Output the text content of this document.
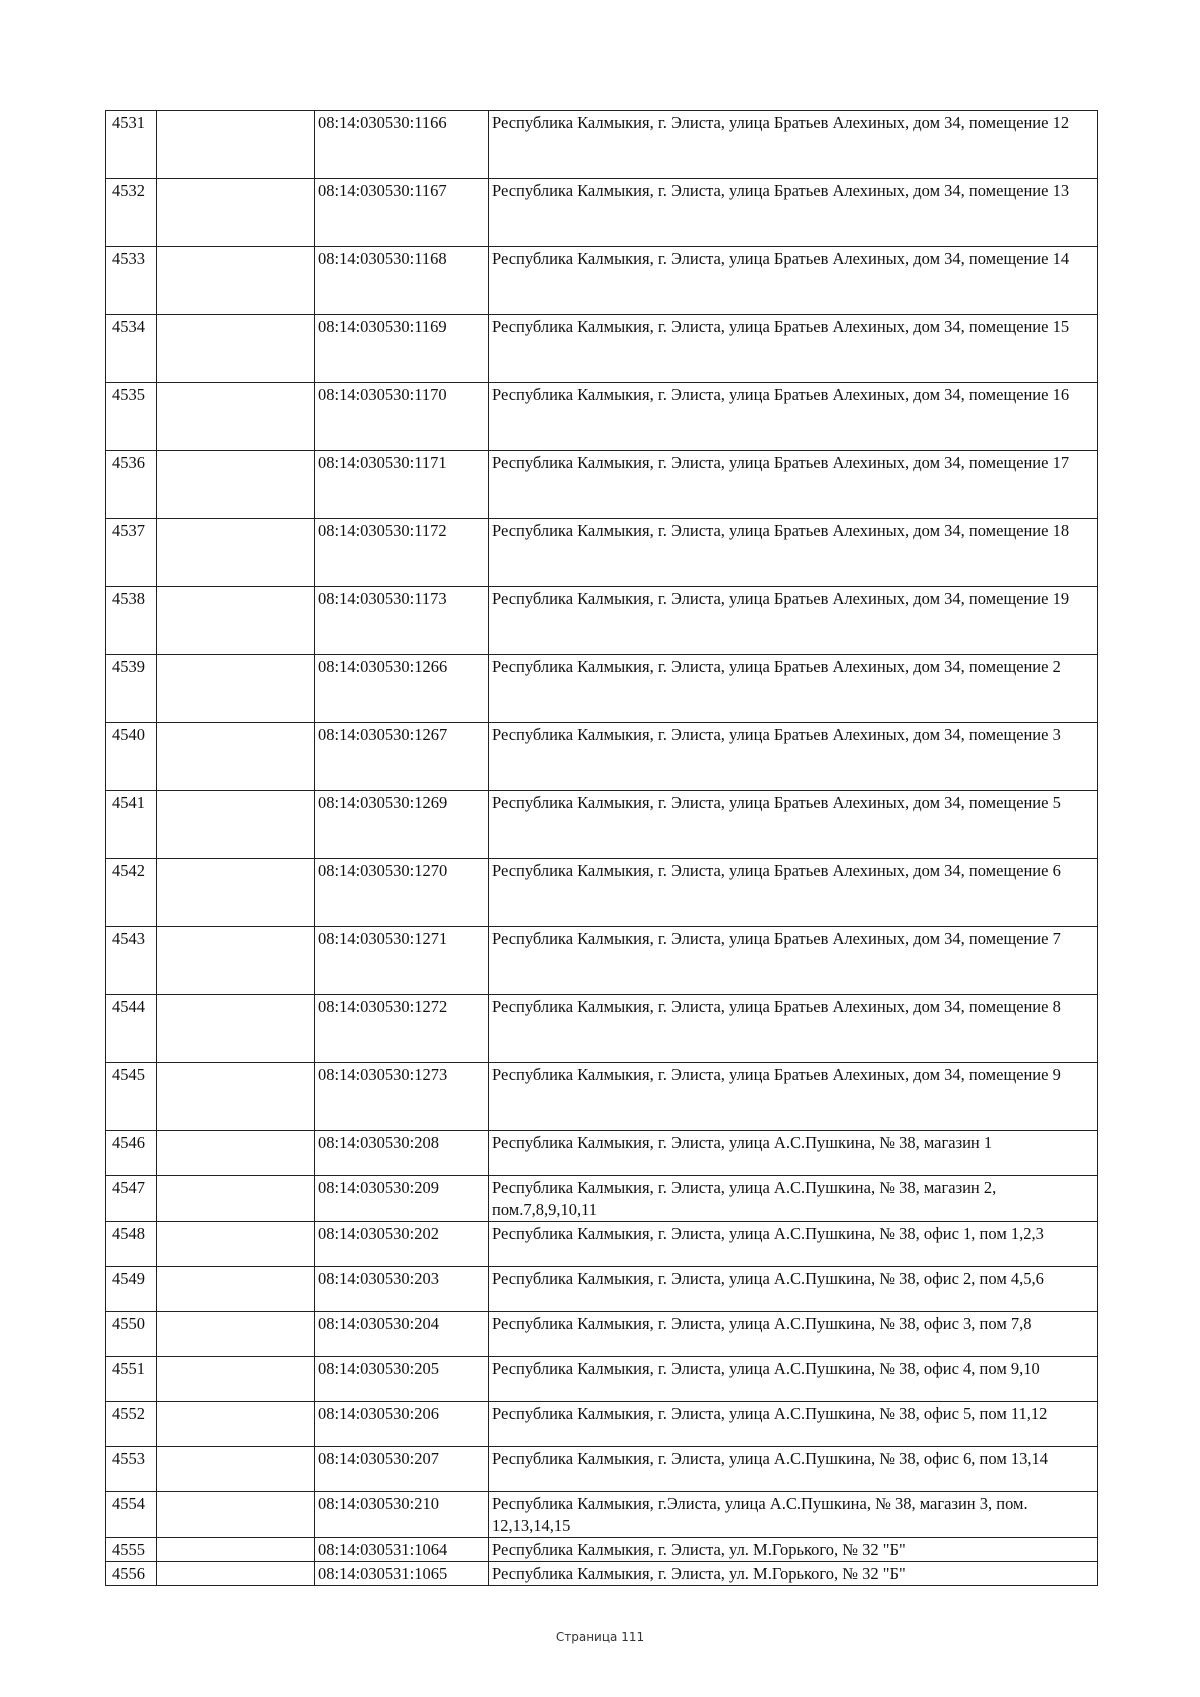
4531		08:14:030530:1166	Республика Калмыкия, г. Элиста, улица Братьев Алехиных, дом 34, помещение 12
4532		08:14:030530:1167	Республика Калмыкия, г. Элиста, улица Братьев Алехиных, дом 34, помещение 13
4533		08:14:030530:1168	Республика Калмыкия, г. Элиста, улица Братьев Алехиных, дом 34, помещение 14
4534		08:14:030530:1169	Республика Калмыкия, г. Элиста, улица Братьев Алехиных, дом 34, помещение 15
4535		08:14:030530:1170	Республика Калмыкия, г. Элиста, улица Братьев Алехиных, дом 34, помещение 16
4536		08:14:030530:1171	Республика Калмыкия, г. Элиста, улица Братьев Алехиных, дом 34, помещение 17
4537		08:14:030530:1172	Республика Калмыкия, г. Элиста, улица Братьев Алехиных, дом 34, помещение 18
4538		08:14:030530:1173	Республика Калмыкия, г. Элиста, улица Братьев Алехиных, дом 34, помещение 19
4539		08:14:030530:1266	Республика Калмыкия, г. Элиста, улица Братьев Алехиных, дом 34, помещение 2
4540		08:14:030530:1267	Республика Калмыкия, г. Элиста, улица Братьев Алехиных, дом 34, помещение 3
4541		08:14:030530:1269	Республика Калмыкия, г. Элиста, улица Братьев Алехиных, дом 34, помещение 5
4542		08:14:030530:1270	Республика Калмыкия, г. Элиста, улица Братьев Алехиных, дом 34, помещение 6
4543		08:14:030530:1271	Республика Калмыкия, г. Элиста, улица Братьев Алехиных, дом 34, помещение 7
4544		08:14:030530:1272	Республика Калмыкия, г. Элиста, улица Братьев Алехиных, дом 34, помещение 8
4545		08:14:030530:1273	Республика Калмыкия, г. Элиста, улица Братьев Алехиных, дом 34, помещение 9
4546		08:14:030530:208	Республика Калмыкия, г. Элиста, улица А.С.Пушкина, № 38, магазин 1
4547		08:14:030530:209	Республика Калмыкия, г. Элиста, улица А.С.Пушкина, № 38, магазин 2, пом.7,8,9,10,11
4548		08:14:030530:202	Республика Калмыкия, г. Элиста, улица А.С.Пушкина, № 38, офис 1, пом 1,2,3
4549		08:14:030530:203	Республика Калмыкия, г. Элиста, улица А.С.Пушкина, № 38, офис 2, пом 4,5,6
4550		08:14:030530:204	Республика Калмыкия, г. Элиста, улица А.С.Пушкина, № 38, офис 3, пом 7,8
4551		08:14:030530:205	Республика Калмыкия, г. Элиста, улица А.С.Пушкина, № 38, офис 4, пом 9,10
4552		08:14:030530:206	Республика Калмыкия, г. Элиста, улица А.С.Пушкина, № 38, офис 5, пом 11,12
4553		08:14:030530:207	Республика Калмыкия, г. Элиста, улица А.С.Пушкина, № 38, офис 6, пом 13,14
4554		08:14:030530:210	Республика Калмыкия, г.Элиста, улица А.С.Пушкина, № 38, магазин 3, пом. 12,13,14,15
4555		08:14:030531:1064	Республика Калмыкия, г. Элиста, ул. М.Горького, № 32 "Б"
4556		08:14:030531:1065	Республика Калмыкия, г. Элиста, ул. М.Горького, № 32 "Б"
Страница 111
